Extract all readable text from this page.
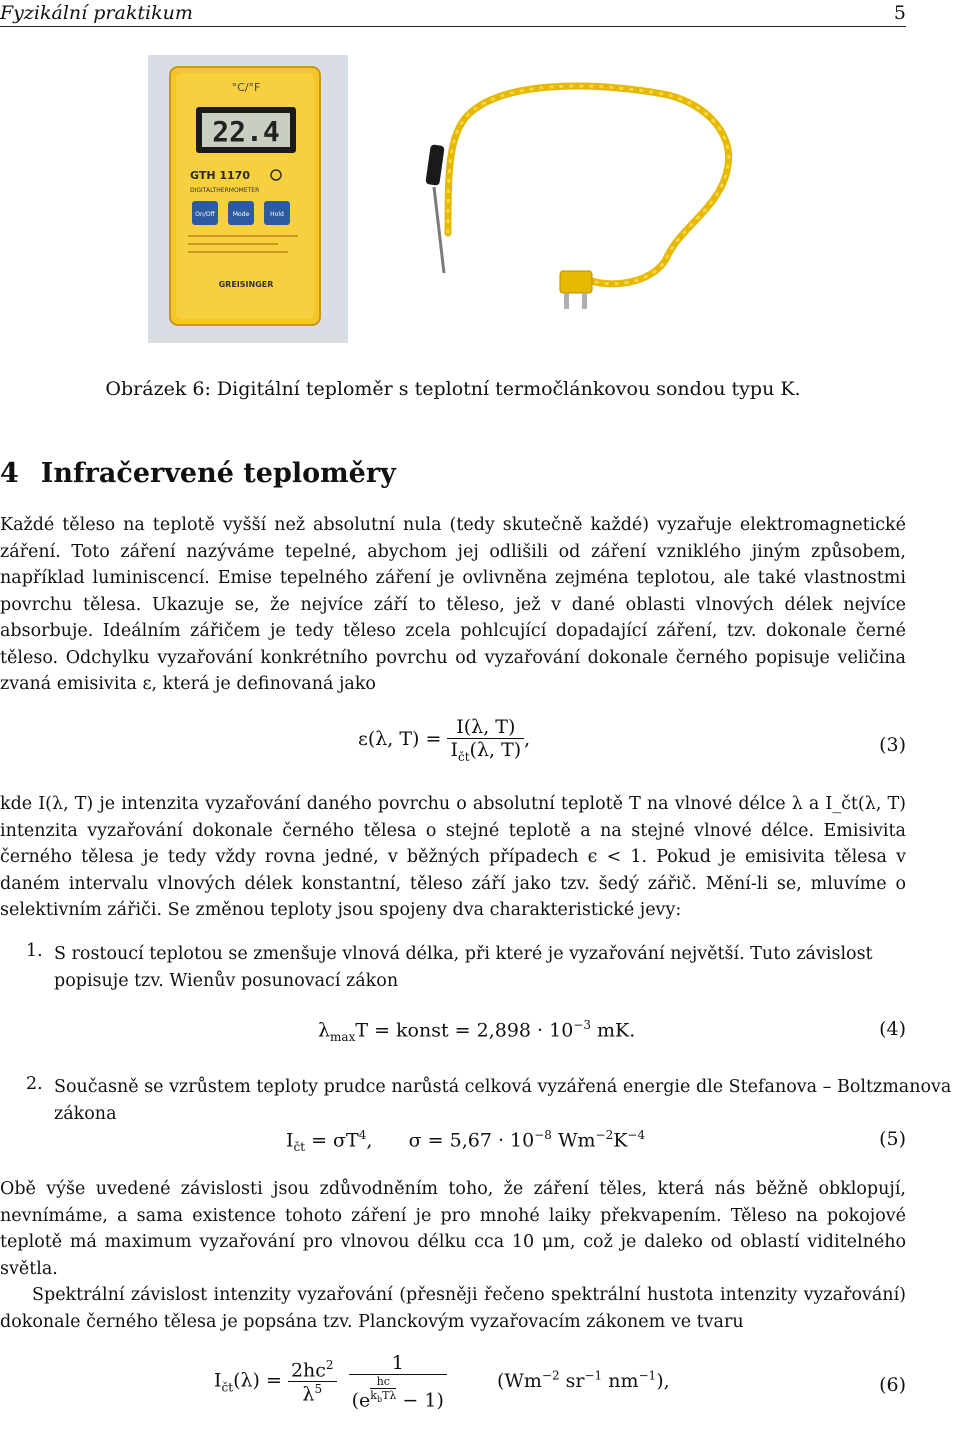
Fyzikální praktikum	5
°C/°F
22.4
GTH 1170
DIGITALTHERMOMETER
On/Off	Mode	Hold
GREISINGER
Obrázek 6: Digitální teploměr s teplotní termočlánkovou sondou typu K.
4 Infračervené teploměry
Každé těleso na teplotě vyšší než absolutní nula (tedy skutečně každé) vyzařuje elektromagnetické záření. Toto záření nazýváme tepelné, abychom jej odlišili od záření vzniklého jiným způsobem, například luminiscencí. Emise tepelného záření je ovlivněna zejména teplotou, ale také vlastnostmi povrchu tělesa. Ukazuje se, že nejvíce září to těleso, jež v dané oblasti vlnových délek nejvíce absorbuje. Ideálním zářičem je tedy těleso zcela pohlcující dopadající záření, tzv. dokonale černé těleso. Odchylku vyzařování konkrétního povrchu od vyzařování dokonale černého popisuje veličina zvaná emisivita ε, která je definovaná jako
ε(λ, $T) = \frac{I(\lambda, T)}{I_{čt}(\lambda, T)}$ ,	(3)
kde I(λ, T) je intenzita vyzařování daného povrchu o absolutní teplotě T na vlnové délce λ a I_čt(λ, T) intenzita vyzařování dokonale černého tělesa o stejné teplotě a na stejné vlnové délce. Emisivita černého tělesa je tedy vždy rovna jedné, v běžných případech ϵ < 1. Pokud je emisivita tělesa v daném intervalu vlnových délek konstantní, těleso září jako tzv. šedý zářič. Mění-li se, mluvíme o selektivním zářiči. Se změnou teploty jsou spojeny dva charakteristické jevy:
1. S rostoucí teplotou se zmenšuje vlnová délka, při které je vyzařování největší. Tuto závislost popisuje tzv. Wienův posunovací zákon
$\lambda_{max}T$ = konst = $2,898 \cdot 10^{-3}$ mK.	(4)
2. Současně se vzrůstem teploty prudce narůstá celková vyzářená energie dle Stefanova – Boltzmanova zákona
$I_{čt} = \sigma T^4$,      $\sigma = 5,67 \cdot 10^{-8}$ $Wm^{-2}K^{-4}$	(5)
Obě výše uvedené závislosti jsou zdůvodněním toho, že záření těles, která nás běžně obklopují, nevnímáme, a sama existence tohoto záření je pro mnohé laiky překvapením. Těleso na pokojové teplotě má maximum vyzařování pro vlnovou délku cca 10 μm, což je daleko od oblastí viditelného světla.
Spektrální závislost intenzity vyzařování (přesněji řečeno spektrální hustota intenzity vyzařování) dokonale černého tělesa je popsána tzv. Planckovým vyzařovacím zákonem ve tvaru
$I_{čt}(\lambda) = \frac{2hc^2}{\lambda^5}$
1
(e
hc
$k_bT\lambda - 1$)	($Wm^{-2}$ $sr^{-1}$ $nm^{-1}$),	(6)
